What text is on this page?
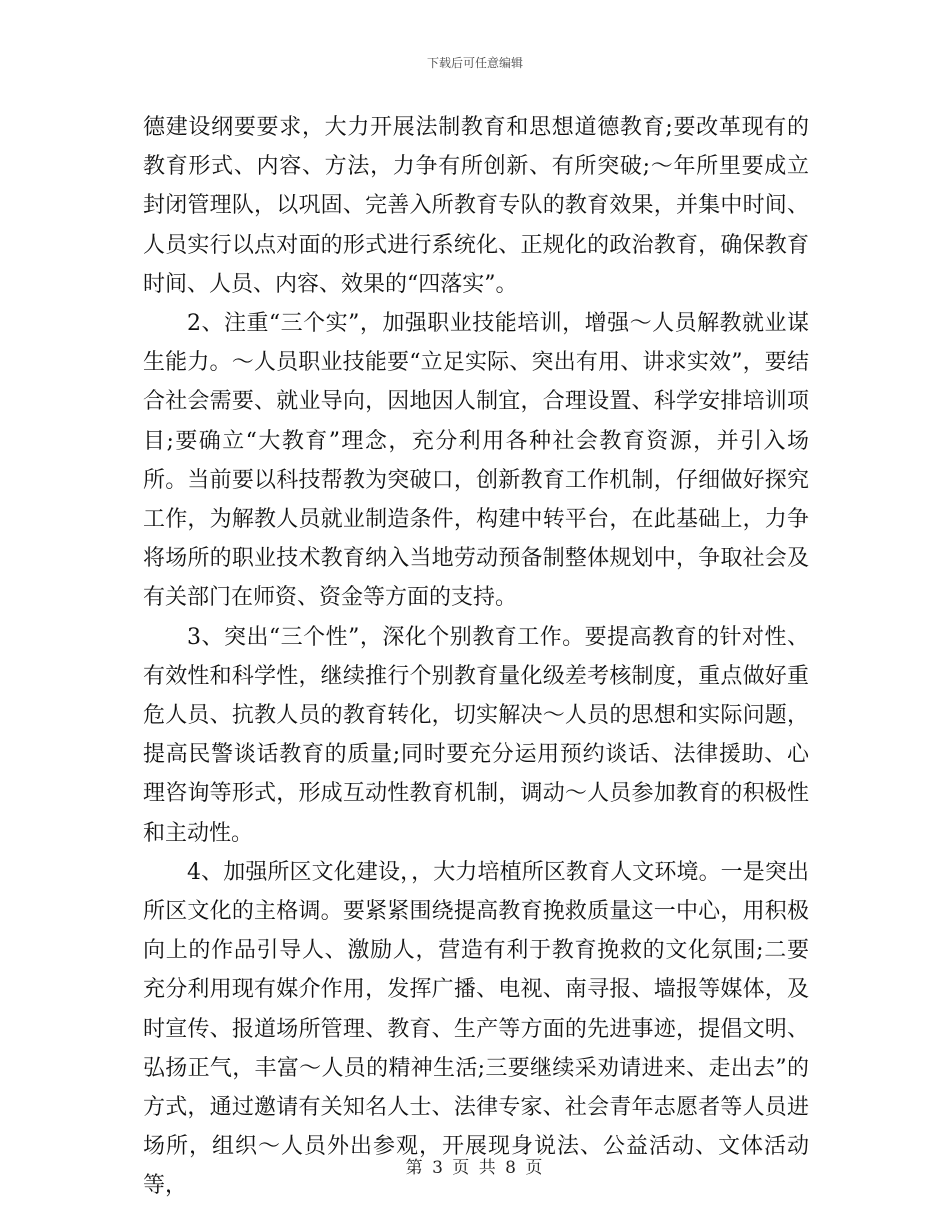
下载后可任意编辑

德建设纲要要求，大力开展法制教育和思想道德教育;要改革现有的教育形式、内容、方法，力争有所创新、有所突破;～年所里要成立封闭管理队，以巩固、完善入所教育专队的教育效果，并集中时间、人员实行以点对面的形式进行系统化、正规化的政治教育，确保教育时间、人员、内容、效果的“四落实”。

2、注重“三个实”，加强职业技能培训，增强～人员解教就业谋生能力。～人员职业技能要“立足实际、突出有用、讲求实效”，要结合社会需要、就业导向，因地因人制宜，合理设置、科学安排培训项目;要确立“大教育”理念，充分利用各种社会教育资源，并引入场所。当前要以科技帮教为突破口，创新教育工作机制，仔细做好探究工作，为解教人员就业制造条件，构建中转平台，在此基础上，力争将场所的职业技术教育纳入当地劳动预备制整体规划中，争取社会及有关部门在师资、资金等方面的支持。

3、突出“三个性”，深化个别教育工作。要提高教育的针对性、有效性和科学性，继续推行个别教育量化级差考核制度，重点做好重危人员、抗教人员的教育转化，切实解决～人员的思想和实际问题，提高民警谈话教育的质量;同时要充分运用预约谈话、法律援助、心理咨询等形式，形成互动性教育机制，调动～人员参加教育的积极性和主动性。

4、加强所区文化建设，，大力培植所区教育人文环境。一是突出所区文化的主格调。要紧紧围绕提高教育挽救质量这一中心，用积极向上的作品引导人、激励人，营造有利于教育挽救的文化氛围;二要充分利用现有媒介作用，发挥广播、电视、南寻报、墙报等媒体，及时宣传、报道场所管理、教育、生产等方面的先进事迹，提倡文明、弘扬正气，丰富～人员的精神生活;三要继续采劝请进来、走出去”的方式，通过邀请有关知名人士、法律专家、社会青年志愿者等人员进场所，组织～人员外出参观，开展现身说法、公益活动、文体活动等，

第 3 页 共 8 页
